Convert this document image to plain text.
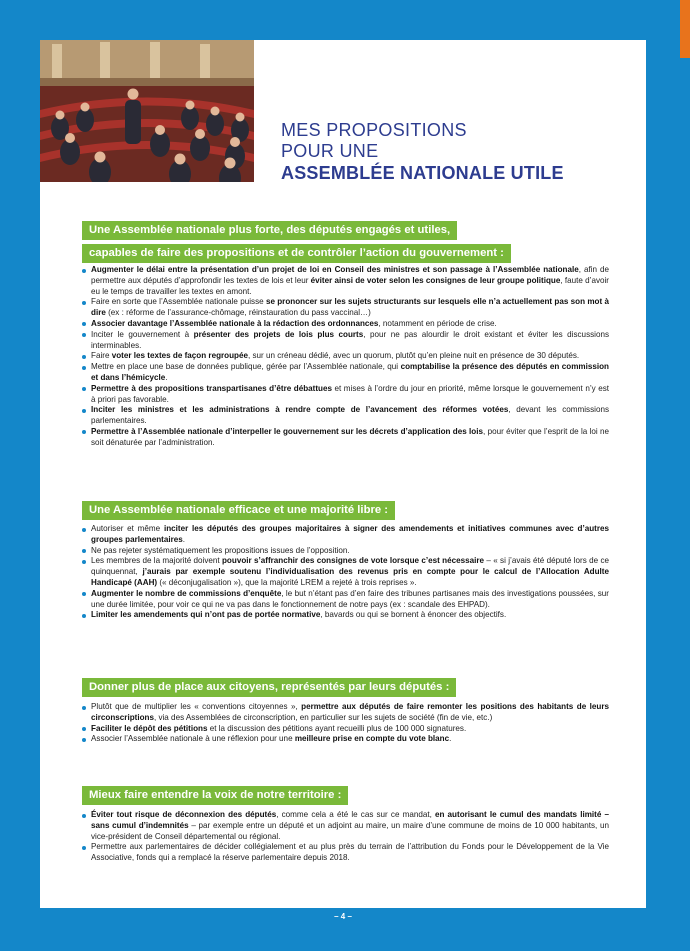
MES PROPOSITIONS
POUR UNE
ASSEMBLÉE NATIONALE UTILE
Une Assemblée nationale plus forte, des députés engagés et utiles,
capables de faire des propositions et de contrôler l’action du gouvernement :
Augmenter le délai entre la présentation d’un projet de loi en Conseil des ministres et son passage à l’Assemblée nationale, afin de permettre aux députés d’approfondir les textes de lois et leur éviter ainsi de voter selon les consignes de leur groupe politique, faute d’avoir eu le temps de travailler les textes en amont.
Faire en sorte que l’Assemblée nationale puisse se prononcer sur les sujets structurants sur lesquels elle n’a actuellement pas son mot à dire (ex : réforme de l’assurance-chômage, réinstauration du pass vaccinal…)
Associer davantage l’Assemblée nationale à la rédaction des ordonnances, notamment en période de crise.
Inciter le gouvernement à présenter des projets de lois plus courts, pour ne pas alourdir le droit existant et éviter les discussions interminables.
Faire voter les textes de façon regroupée, sur un créneau dédié, avec un quorum, plutôt qu’en pleine nuit en présence de 30 députés.
Mettre en place une base de données publique, gérée par l’Assemblée nationale, qui comptabilise la présence des députés en commission et dans l’hémicycle.
Permettre à des propositions transpartisanes d’être débattues et mises à l’ordre du jour en priorité, même lorsque le gouvernement n’y est à priori pas favorable.
Inciter les ministres et les administrations à rendre compte de l’avancement des réformes votées, devant les commissions parlementaires.
Permettre à l’Assemblée nationale d’interpeller le gouvernement sur les décrets d’application des lois, pour éviter que l’esprit de la loi ne soit dénaturée par l’administration.
Une Assemblée nationale efficace et une majorité libre :
Autoriser et même inciter les députés des groupes majoritaires à signer des amendements et initiatives communes avec d’autres groupes parlementaires.
Ne pas rejeter systématiquement les propositions issues de l’opposition.
Les membres de la majorité doivent pouvoir s’affranchir des consignes de vote lorsque c’est nécessaire – « si j’avais été député lors de ce quinquennat, j’aurais par exemple soutenu l’individualisation des revenus pris en compte pour le calcul de l’Allocation Adulte Handicapé (AAH) (« déconjugalisation »), que la majorité LREM a rejeté à trois reprises ».
Augmenter le nombre de commissions d’enquête, le but n’étant pas d’en faire des tribunes partisanes mais des investigations poussées, sur une durée limitée, pour voir ce qui ne va pas dans le fonctionnement de notre pays (ex : scandale des EHPAD).
Limiter les amendements qui n’ont pas de portée normative, bavards ou qui se bornent à énoncer des objectifs.
Donner plus de place aux citoyens, représentés par leurs députés :
Plutôt que de multiplier les « conventions citoyennes », permettre aux députés de faire remonter les positions des habitants de leurs circonscriptions, via des Assemblées de circonscription, en particulier sur les sujets de société (fin de vie, etc.)
Faciliter le dépôt des pétitions et la discussion des pétitions ayant recueilli plus de 100 000 signatures.
Associer l’Assemblée nationale à une réflexion pour une meilleure prise en compte du vote blanc.
Mieux faire entendre la voix de notre territoire :
Éviter tout risque de déconnexion des députés, comme cela a été le cas sur ce mandat, en autorisant le cumul des mandats limité – sans cumul d’indemnités – par exemple entre un député et un adjoint au maire, un maire d’une commune de moins de 10 000 habitants, un vice-président de Conseil départemental ou régional.
Permettre aux parlementaires de décider collégialement et au plus près du terrain de l’attribution du Fonds pour le Développement de la Vie Associative, fonds qui a remplacé la réserve parlementaire depuis 2018.
– 4 –
